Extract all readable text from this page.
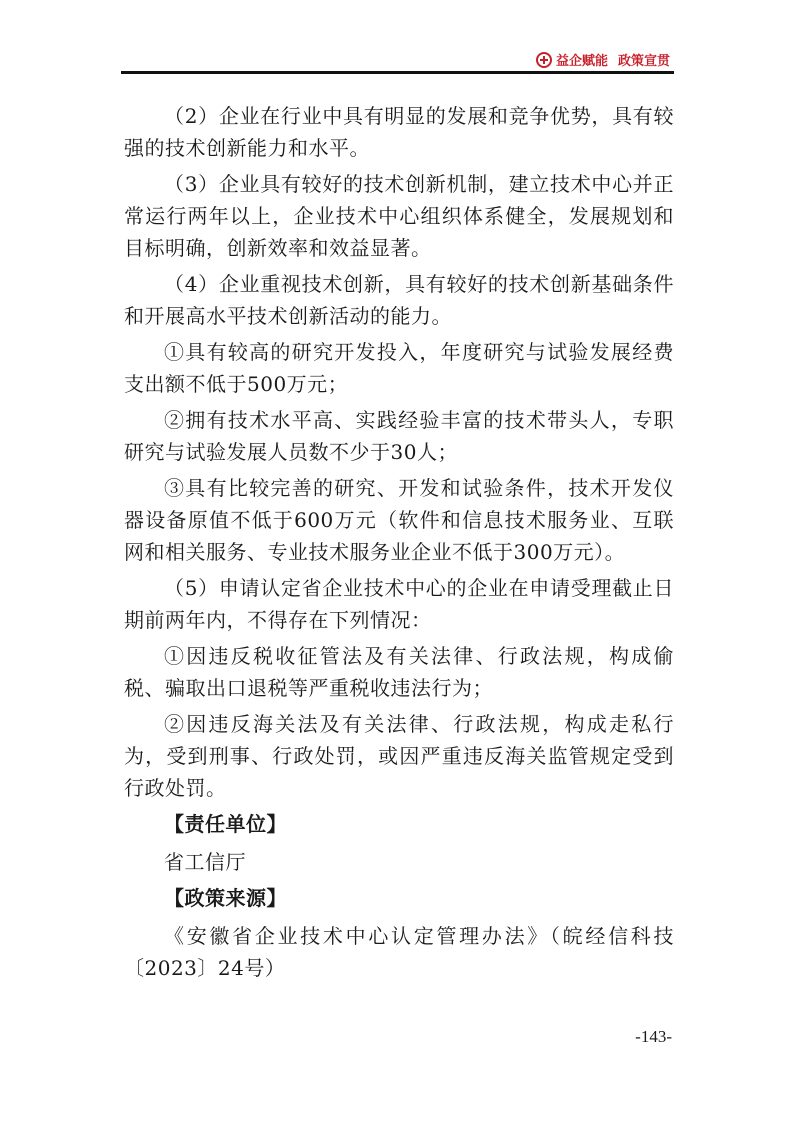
益企赋能 政策宣贯

（2）企业在行业中具有明显的发展和竞争优势，具有较强的技术创新能力和水平。

（3）企业具有较好的技术创新机制，建立技术中心并正常运行两年以上，企业技术中心组织体系健全，发展规划和目标明确，创新效率和效益显著。

（4）企业重视技术创新，具有较好的技术创新基础条件和开展高水平技术创新活动的能力。

①具有较高的研究开发投入，年度研究与试验发展经费支出额不低于500万元；

②拥有技术水平高、实践经验丰富的技术带头人，专职研究与试验发展人员数不少于30人；

③具有比较完善的研究、开发和试验条件，技术开发仪器设备原值不低于600万元（软件和信息技术服务业、互联网和相关服务、专业技术服务业企业不低于300万元）。

（5）申请认定省企业技术中心的企业在申请受理截止日期前两年内，不得存在下列情况：

①因违反税收征管法及有关法律、行政法规，构成偷税、骗取出口退税等严重税收违法行为；

②因违反海关法及有关法律、行政法规，构成走私行为，受到刑事、行政处罚，或因严重违反海关监管规定受到行政处罚。

【责任单位】

省工信厅

【政策来源】

《安徽省企业技术中心认定管理办法》（皖经信科技〔2023〕24号）

-143-
